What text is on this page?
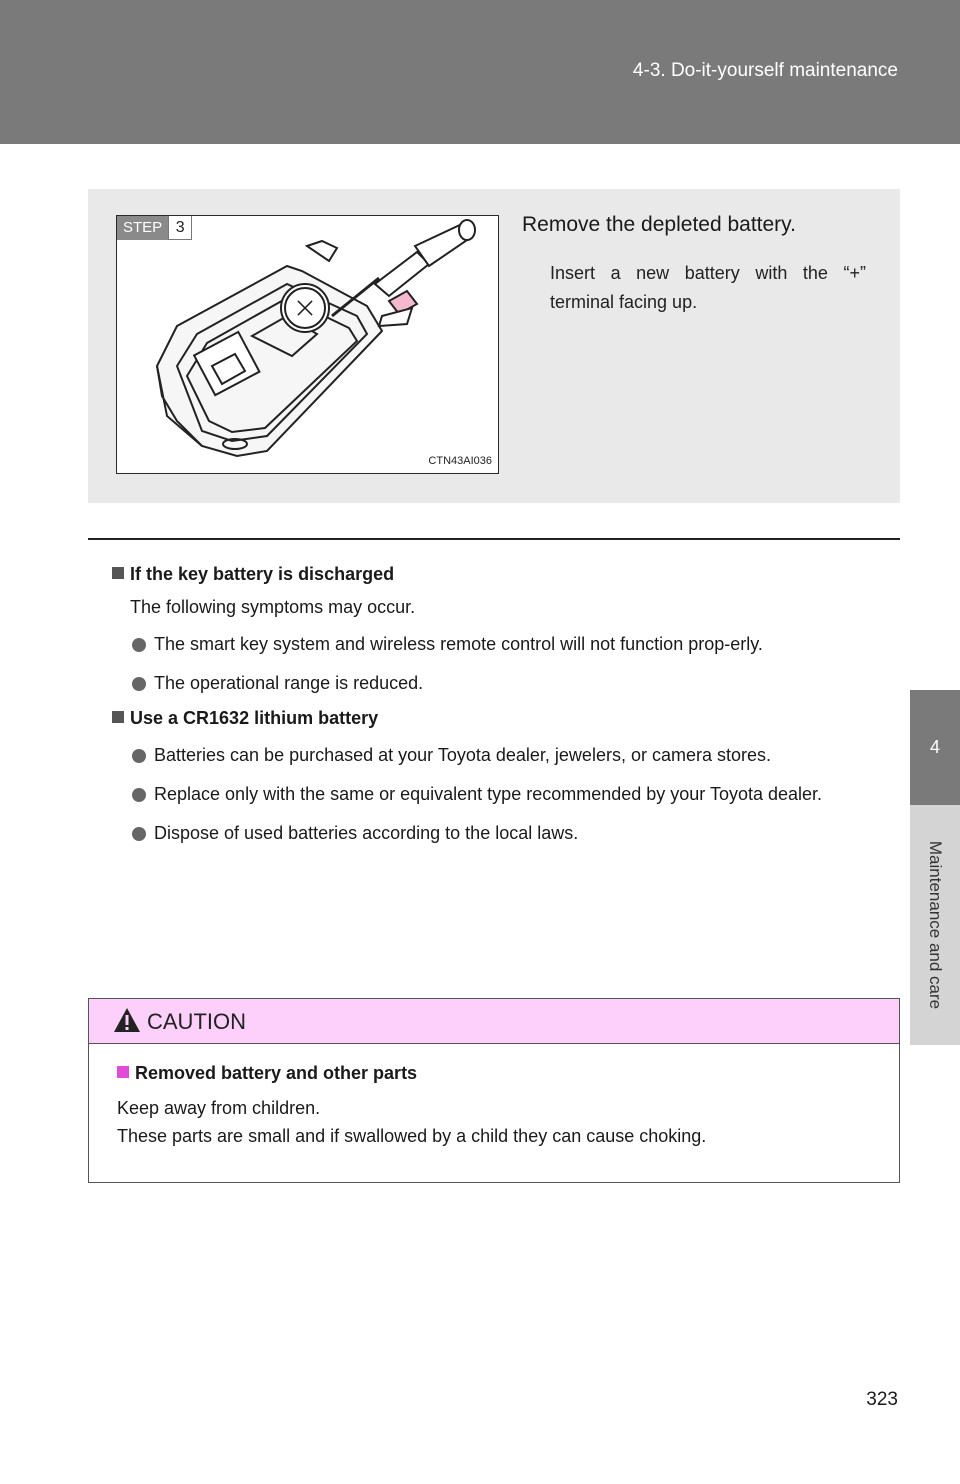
4-3. Do-it-yourself maintenance
4
Maintenance and care
STEP 3
CTN43AI036
Remove the depleted battery.
Insert a new battery with the “+” terminal facing up.
If the key battery is discharged
The following symptoms may occur.
The smart key system and wireless remote control will not function prop-erly.
The operational range is reduced.
Use a CR1632 lithium battery
Batteries can be purchased at your Toyota dealer, jewelers, or camera stores.
Replace only with the same or equivalent type recommended by your Toyota dealer.
Dispose of used batteries according to the local laws.
CAUTION
Removed battery and other parts
Keep away from children.
These parts are small and if swallowed by a child they can cause choking.
323
